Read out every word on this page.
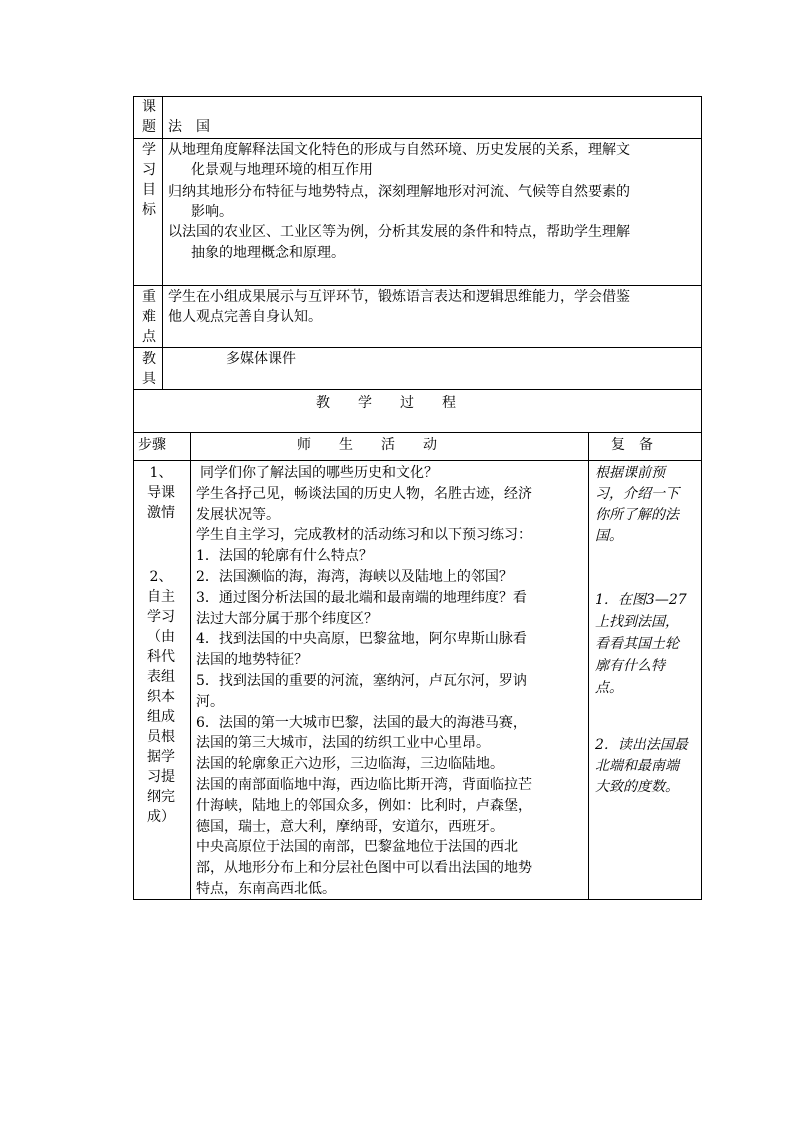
课
题 法　国
学
习
目
标
从地理角度解释法国文化特色的形成与自然环境、历史发展的关系，理解文
化景观与地理环境的相互作用
归纳其地形分布特征与地势特点，深刻理解地形对河流、气候等自然要素的
影响。
以法国的农业区、工业区等为例，分析其发展的条件和特点，帮助学生理解
抽象的地理概念和原理。
重
难
点
学生在小组成果展示与互评环节，锻炼语言表达和逻辑思维能力，学会借鉴
他人观点完善自身认知。
教
具
多媒体课件
教　　学　　过　　程
步骤	师　　生　　活　　动	复　备
1、
导课
激情
2、
自主
学习
（由
科代
表组
织本
组成
员根
据学
习提
纲完
成）
同学们你了解法国的哪些历史和文化？
学生各抒己见，畅谈法国的历史人物，名胜古迹，经济
发展状况等。
学生自主学习，完成教材的活动练习和以下预习练习：
1．法国的轮廓有什么特点？
2．法国濒临的海，海湾，海峡以及陆地上的邻国？
3．通过图分析法国的最北端和最南端的地理纬度？看
法过大部分属于那个纬度区？
4．找到法国的中央高原，巴黎盆地，阿尔卑斯山脉看
法国的地势特征？
5．找到法国的重要的河流，塞纳河，卢瓦尔河，罗讷
河。
6．法国的第一大城市巴黎，法国的最大的海港马赛，
法国的第三大城市，法国的纺织工业中心里昂。
法国的轮廓象正六边形，三边临海，三边临陆地。
法国的南部面临地中海，西边临比斯开湾，背面临拉芒
什海峡，陆地上的邻国众多，例如：比利时，卢森堡，
德国，瑞士，意大利，摩纳哥，安道尔，西班牙。
中央高原位于法国的南部，巴黎盆地位于法国的西北
部，从地形分布上和分层社色图中可以看出法国的地势
特点，东南高西北低。
根据课前预
习，介绍一下
你所了解的法
国。
1．在图3—27
上找到法国，
看看其国土轮
廓有什么特
点。
2．读出法国最
北端和最南端
大致的度数。
